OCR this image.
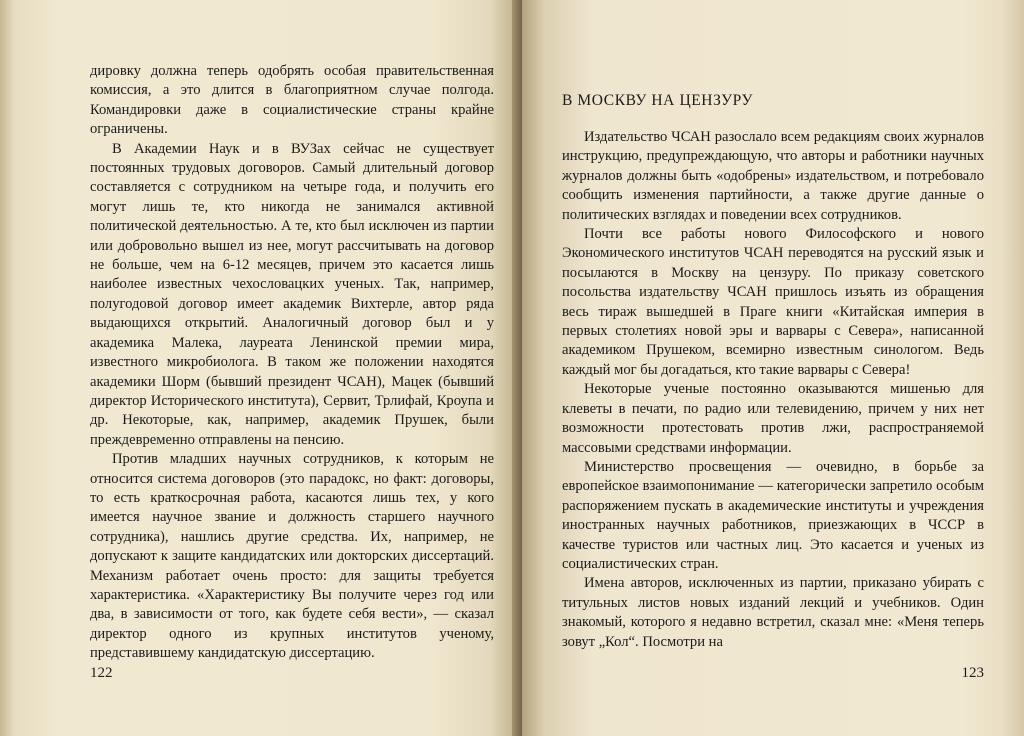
дировку должна теперь одобрять особая правительственная комиссия, а это длится в благоприятном случае полгода. Командировки даже в социалистические страны крайне ограничены.

В Академии Наук и в ВУЗах сейчас не существует постоянных трудовых договоров. Самый длительный договор составляется с сотрудником на четыре года, и получить его могут лишь те, кто никогда не занимался активной политической деятельностью. А те, кто был исключен из партии или добровольно вышел из нее, могут рассчитывать на договор не больше, чем на 6-12 месяцев, причем это касается лишь наиболее известных чехословацких ученых. Так, например, полугодовой договор имеет академик Вихтерле, автор ряда выдающихся открытий. Аналогичный договор был и у академика Малека, лауреата Ленинской премии мира, известного микробиолога. В таком же положении находятся академики Шорм (бывший президент ЧСАН), Мацек (бывший директор Исторического института), Сервит, Трлифай, Кроупа и др. Некоторые, как, например, академик Прушек, были преждевременно отправлены на пенсию.

Против младших научных сотрудников, к которым не относится система договоров (это парадокс, но факт: договоры, то есть краткосрочная работа, касаются лишь тех, у кого имеется научное звание и должность старшего научного сотрудника), нашлись другие средства. Их, например, не допускают к защите кандидатских или докторских диссертаций. Механизм работает очень просто: для защиты требуется характеристика. «Характеристику Вы получите через год или два, в зависимости от того, как будете себя вести», — сказал директор одного из крупных институтов ученому, представившему кандидатскую диссертацию.

122
В МОСКВУ НА ЦЕНЗУРУ

Издательство ЧСАН разослало всем редакциям своих журналов инструкцию, предупреждающую, что авторы и работники научных журналов должны быть «одобрены» издательством, и потребовало сообщить изменения партийности, а также другие данные о политических взглядах и поведении всех сотрудников.

Почти все работы нового Философского и нового Экономического институтов ЧСАН переводятся на русский язык и посылаются в Москву на цензуру. По приказу советского посольства издательству ЧСАН пришлось изъять из обращения весь тираж вышедшей в Праге книги «Китайская империя в первых столетиях новой эры и варвары с Севера», написанной академиком Прушеком, всемирно известным синологом. Ведь каждый мог бы догадаться, кто такие варвары с Севера!

Некоторые ученые постоянно оказываются мишенью для клеветы в печати, по радио или телевидению, причем у них нет возможности протестовать против лжи, распространяемой массовыми средствами информации.

Министерство просвещения — очевидно, в борьбе за европейское взаимопонимание — категорически запретило особым распоряжением пускать в академические институты и учреждения иностранных научных работников, приезжающих в ЧССР в качестве туристов или частных лиц. Это касается и ученых из социалистических стран.

Имена авторов, исключенных из партии, приказано убирать с титульных листов новых изданий лекций и учебников. Один знакомый, которого я недавно встретил, сказал мне: «Меня теперь зовут „Кол“. Посмотри на

123
